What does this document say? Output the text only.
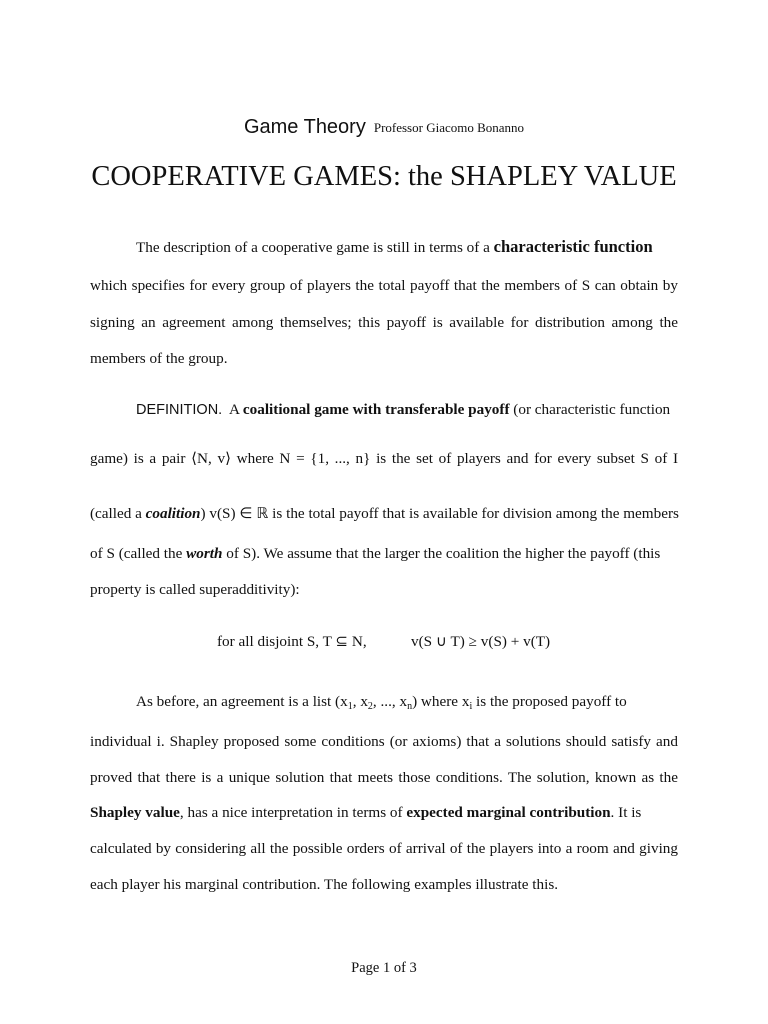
Game Theory Professor Giacomo Bonanno
COOPERATIVE GAMES: the SHAPLEY VALUE
The description of a cooperative game is still in terms of a characteristic function
which specifies for every group of players the total payoff that the members of S can obtain by
signing an agreement among themselves; this payoff is available for distribution among the
members of the group.
DEFINITION. A coalitional game with transferable payoff (or characteristic function
game) is a pair ⟨N, v⟩ where N = {1, ..., n} is the set of players and for every subset S of I
(called a coalition) v(S) ∈ ℝ is the total payoff that is available for division among the members
of S (called the worth of S). We assume that the larger the coalition the higher the payoff (this
property is called superadditivity):
for all disjoint S, T ⊆ N,	v(S ∪ T) ≥ v(S) + v(T)
As before, an agreement is a list ($x_1$, $x_2$, ..., $x_n$) where $x_i$ is the proposed payoff to
individual i. Shapley proposed some conditions (or axioms) that a solutions should satisfy and
proved that there is a unique solution that meets those conditions. The solution, known as the
Shapley value, has a nice interpretation in terms of expected marginal contribution. It is
calculated by considering all the possible orders of arrival of the players into a room and giving
each player his marginal contribution. The following examples illustrate this.
Page 1 of 3
